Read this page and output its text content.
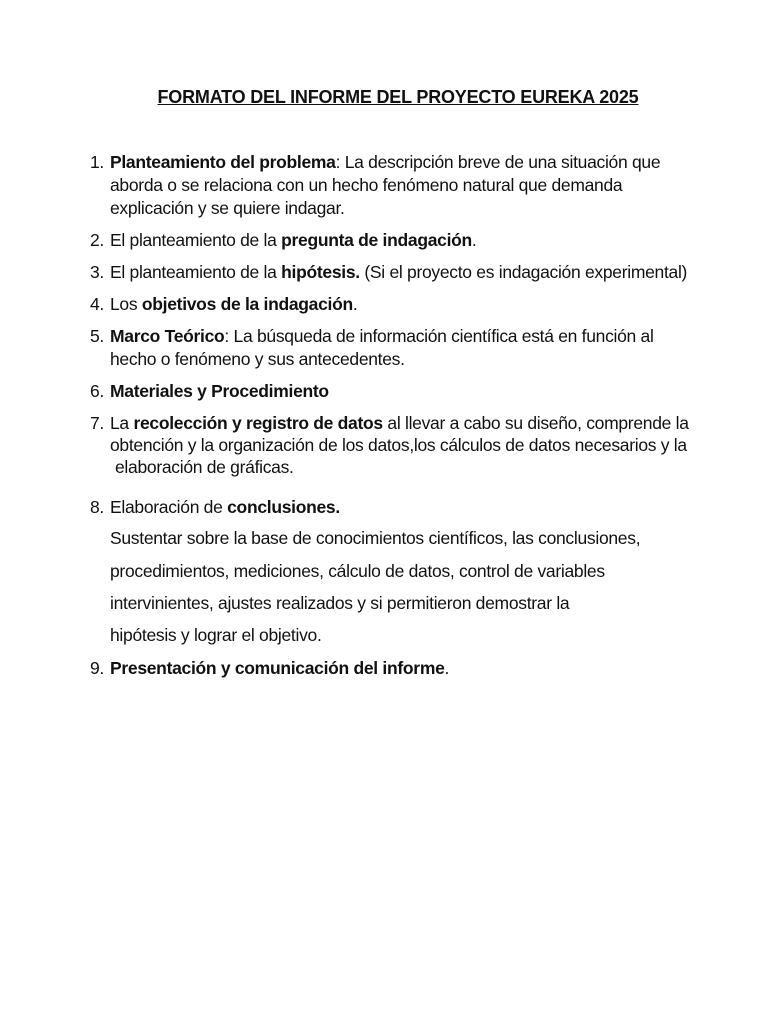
FORMATO DEL INFORME DEL PROYECTO EUREKA 2025
1. Planteamiento del problema: La descripción breve de una situación que
aborda o se relaciona con un hecho fenómeno natural que demanda
explicación y se quiere indagar.
2. El planteamiento de la pregunta de indagación.
3. El planteamiento de la hipótesis. (Si el proyecto es indagación experimental)
4. Los objetivos de la indagación.
5. Marco Teórico: La búsqueda de información científica está en función al
hecho o fenómeno y sus antecedentes.
6. Materiales y Procedimiento
7. La recolección y registro de datos al llevar a cabo su diseño, comprende la
obtención y la organización de los datos,los cálculos de datos necesarios y la
elaboración de gráficas.
8. Elaboración de conclusiones.
Sustentar sobre la base de conocimientos científicos, las conclusiones,
procedimientos, mediciones, cálculo de datos, control de variables
intervinientes, ajustes realizados y si permitieron demostrar la
hipótesis y lograr el objetivo.
9. Presentación y comunicación del informe.
